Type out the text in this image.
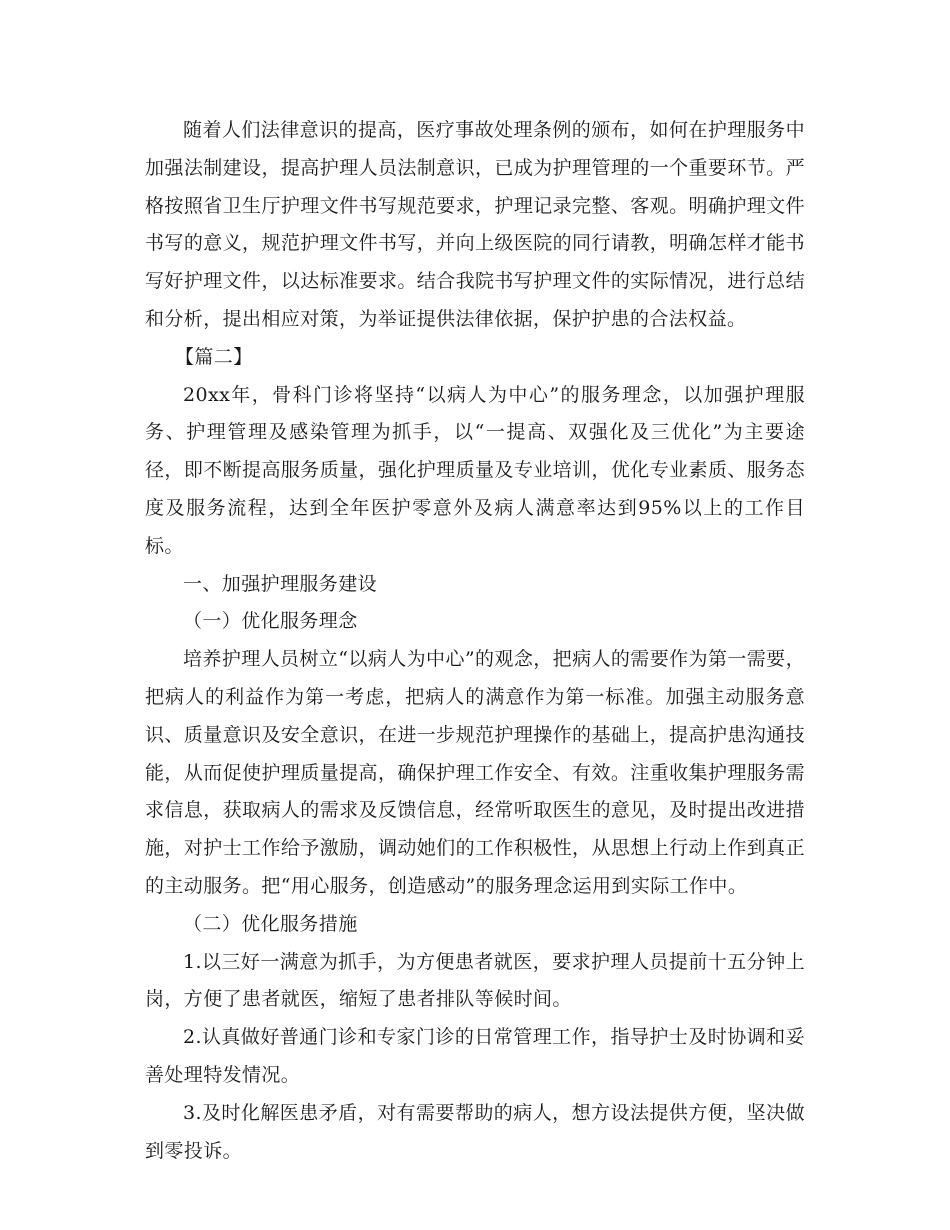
随着人们法律意识的提高，医疗事故处理条例的颁布，如何在护理服务中加强法制建设，提高护理人员法制意识，已成为护理管理的一个重要环节。严格按照省卫生厅护理文件书写规范要求，护理记录完整、客观。明确护理文件书写的意义，规范护理文件书写，并向上级医院的同行请教，明确怎样才能书写好护理文件，以达标准要求。结合我院书写护理文件的实际情况，进行总结和分析，提出相应对策，为举证提供法律依据，保护护患的合法权益。

【篇二】

20xx年，骨科门诊将坚持“以病人为中心”的服务理念，以加强护理服务、护理管理及感染管理为抓手，以“一提高、双强化及三优化”为主要途径，即不断提高服务质量，强化护理质量及专业培训，优化专业素质、服务态度及服务流程，达到全年医护零意外及病人满意率达到95%以上的工作目标。

一、加强护理服务建设

（一）优化服务理念

培养护理人员树立“以病人为中心”的观念，把病人的需要作为第一需要，把病人的利益作为第一考虑，把病人的满意作为第一标准。加强主动服务意识、质量意识及安全意识，在进一步规范护理操作的基础上，提高护患沟通技能，从而促使护理质量提高，确保护理工作安全、有效。注重收集护理服务需求信息，获取病人的需求及反馈信息，经常听取医生的意见，及时提出改进措施，对护士工作给予激励，调动她们的工作积极性，从思想上行动上作到真正的主动服务。把“用心服务，创造感动”的服务理念运用到实际工作中。

（二）优化服务措施

1.以三好一满意为抓手，为方便患者就医，要求护理人员提前十五分钟上岗，方便了患者就医，缩短了患者排队等候时间。

2.认真做好普通门诊和专家门诊的日常管理工作，指导护士及时协调和妥善处理特发情况。

3.及时化解医患矛盾，对有需要帮助的病人，想方设法提供方便，坚决做到零投诉。
